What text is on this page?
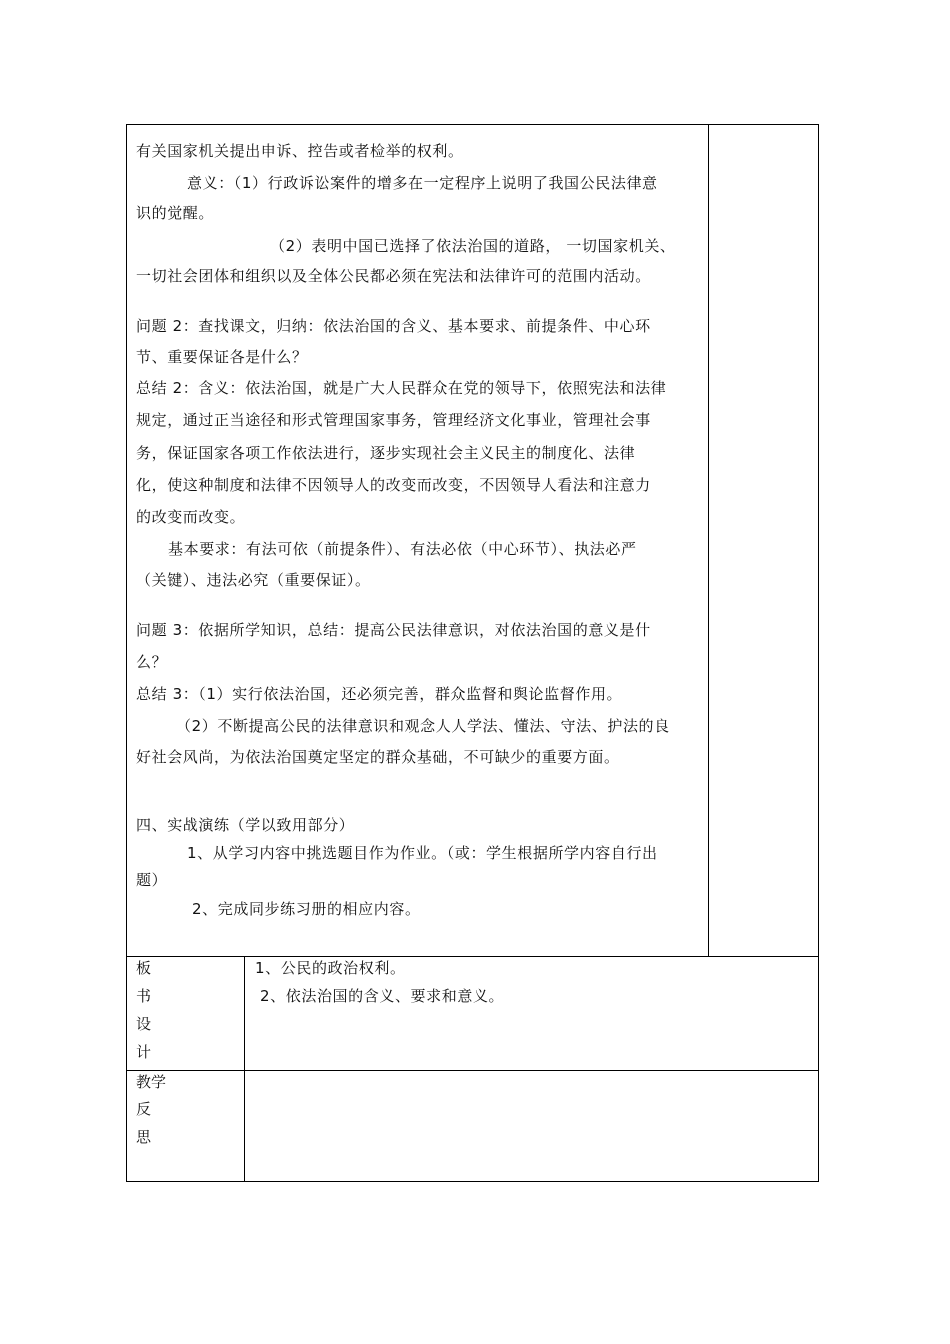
有关国家机关提出申诉、控告或者检举的权利。
意义：（1）行政诉讼案件的增多在一定程序上说明了我国公民法律意
识的觉醒。
（2）表明中国已选择了依法治国的道路， 一切国家机关、
一切社会团体和组织以及全体公民都必须在宪法和法律许可的范围内活动。
问题 2：查找课文，归纳：依法治国的含义、基本要求、前提条件、中心环
节、重要保证各是什么？
总结 2：含义：依法治国，就是广大人民群众在党的领导下，依照宪法和法律
规定，通过正当途径和形式管理国家事务，管理经济文化事业，管理社会事
务，保证国家各项工作依法进行，逐步实现社会主义民主的制度化、法律
化，使这种制度和法律不因领导人的改变而改变，不因领导人看法和注意力
的改变而改变。
基本要求：有法可依（前提条件）、有法必依（中心环节）、执法必严
（关键）、违法必究（重要保证）。
问题 3：依据所学知识，总结：提高公民法律意识，对依法治国的意义是什
么？
总结 3：（1）实行依法治国，还必须完善，群众监督和舆论监督作用。
（2）不断提高公民的法律意识和观念人人学法、懂法、守法、护法的良
好社会风尚，为依法治国奠定坚定的群众基础，不可缺少的重要方面。
四、实战演练（学以致用部分）
1、从学习内容中挑选题目作为作业。（或：学生根据所学内容自行出
题）
2、完成同步练习册的相应内容。
板
书
设
计
1、公民的政治权利。
2、依法治国的含义、要求和意义。
教学
反
思
